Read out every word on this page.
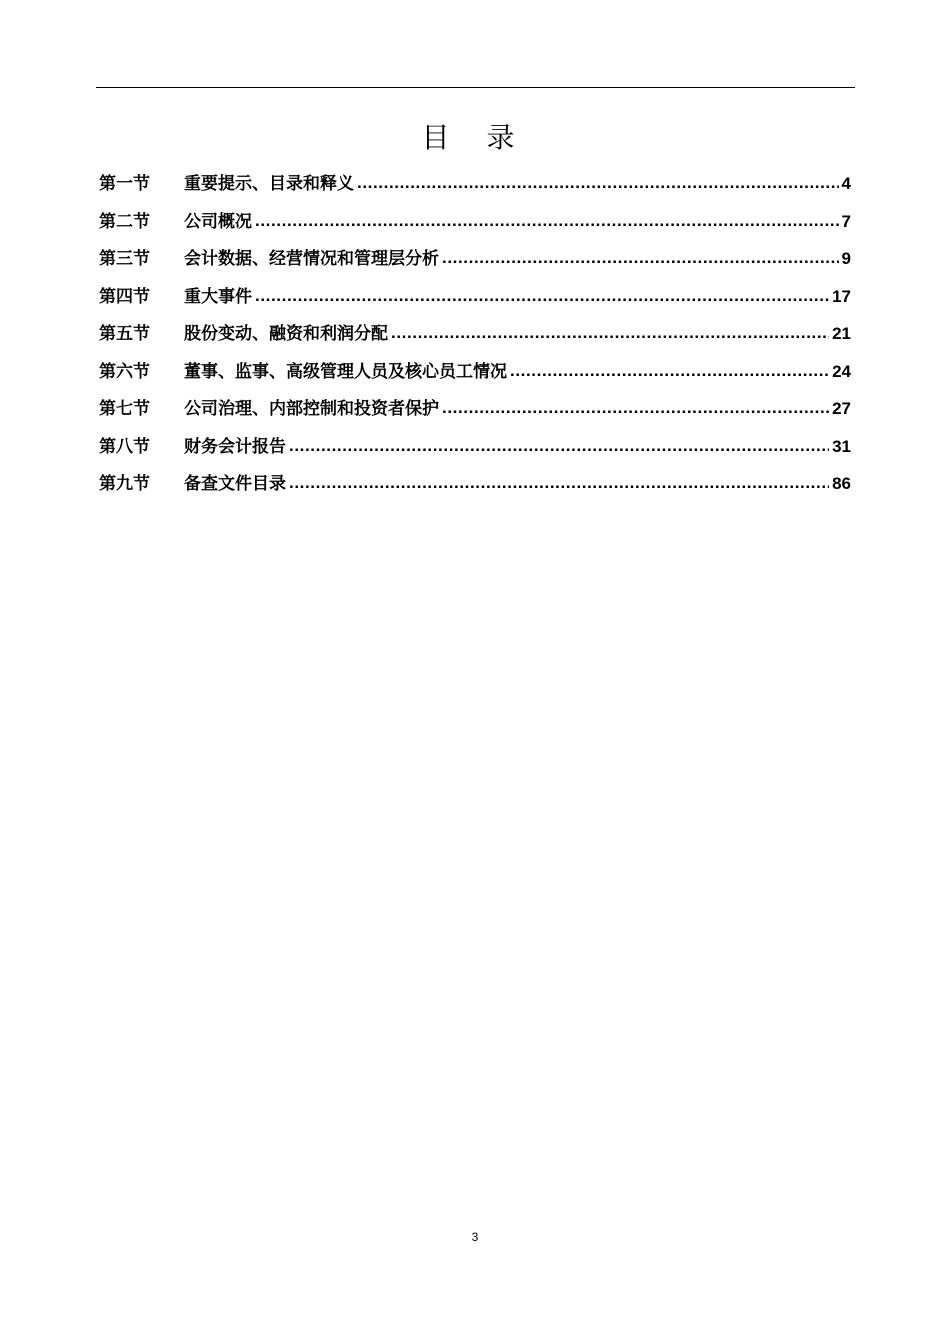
目 录
第一节	重要提示、目录和释义 .....	4
第二节	公司概况 .....	7
第三节	会计数据、经营情况和管理层分析 .....	9
第四节	重大事件 .....	17
第五节	股份变动、融资和利润分配 .....	21
第六节	董事、监事、高级管理人员及核心员工情况 .....	24
第七节	公司治理、内部控制和投资者保护 .....	27
第八节	财务会计报告 .....	31
第九节	备查文件目录 .....	86
3
